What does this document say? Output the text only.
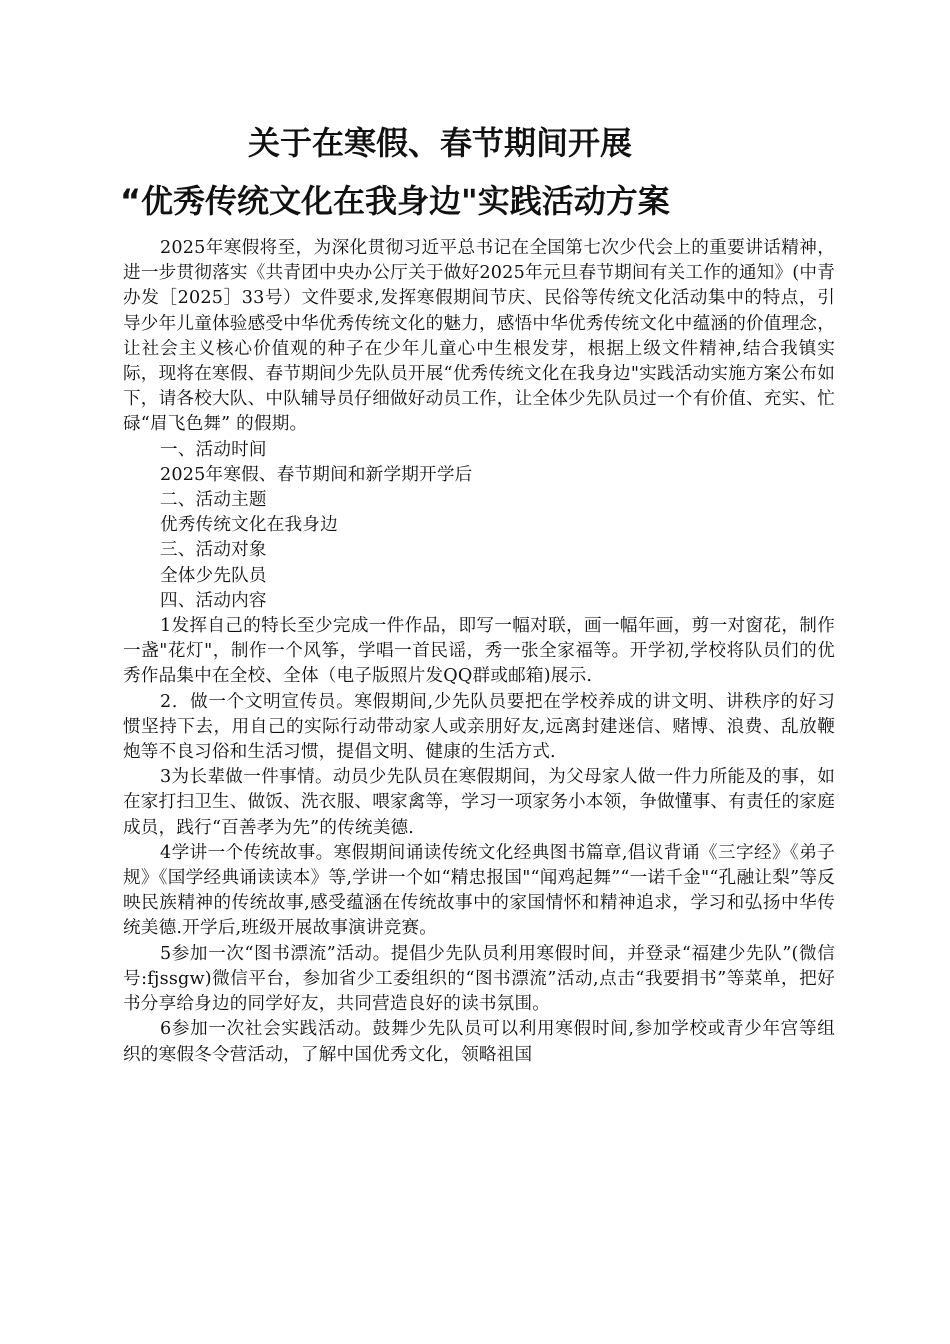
关于在寒假、春节期间开展

“优秀传统文化在我身边"实践活动方案

2025年寒假将至，为深化贯彻习近平总书记在全国第七次少代会上的重要讲话精神，进一步贯彻落实《共青团中央办公厅关于做好2025年元旦春节期间有关工作的通知》(中青办发［2025］33号）文件要求,发挥寒假期间节庆、民俗等传统文化活动集中的特点，引导少年儿童体验感受中华优秀传统文化的魅力，感悟中华优秀传统文化中蕴涵的价值理念，让社会主义核心价值观的种子在少年儿童心中生根发芽，根据上级文件精神,结合我镇实际，现将在寒假、春节期间少先队员开展“优秀传统文化在我身边"实践活动实施方案公布如下，请各校大队、中队辅导员仔细做好动员工作，让全体少先队员过一个有价值、充实、忙碌“眉飞色舞” 的假期。

一、活动时间

2025年寒假、春节期间和新学期开学后

二、活动主题

优秀传统文化在我身边

三、活动对象

全体少先队员

四、活动内容

1发挥自己的特长至少完成一件作品，即写一幅对联，画一幅年画，剪一对窗花，制作一盏"花灯"，制作一个风筝，学唱一首民谣，秀一张全家福等。开学初,学校将队员们的优秀作品集中在全校、全体（电子版照片发QQ群或邮箱)展示.

2．做一个文明宣传员。寒假期间,少先队员要把在学校养成的讲文明、讲秩序的好习惯坚持下去，用自己的实际行动带动家人或亲朋好友,远离封建迷信、赌博、浪费、乱放鞭炮等不良习俗和生活习惯，提倡文明、健康的生活方式.

3为长辈做一件事情。动员少先队员在寒假期间，为父母家人做一件力所能及的事，如在家打扫卫生、做饭、洗衣服、喂家禽等，学习一项家务小本领，争做懂事、有责任的家庭成员，践行“百善孝为先”的传统美德.

4学讲一个传统故事。寒假期间诵读传统文化经典图书篇章,倡议背诵《三字经》《弟子规》《国学经典诵读读本》等,学讲一个如“精忠报国"“闻鸡起舞”“一诺千金"“孔融让梨”等反映民族精神的传统故事,感受蕴涵在传统故事中的家国情怀和精神追求，学习和弘扬中华传统美德.开学后,班级开展故事演讲竞赛。

5参加一次“图书漂流”活动。提倡少先队员利用寒假时间，并登录“福建少先队”(微信号:fjssgw)微信平台，参加省少工委组织的“图书漂流”活动,点击“我要捐书”等菜单，把好书分享给身边的同学好友，共同营造良好的读书氛围。

6参加一次社会实践活动。鼓舞少先队员可以利用寒假时间,参加学校或青少年宫等组织的寒假冬令营活动，了解中国优秀文化，领略祖国
